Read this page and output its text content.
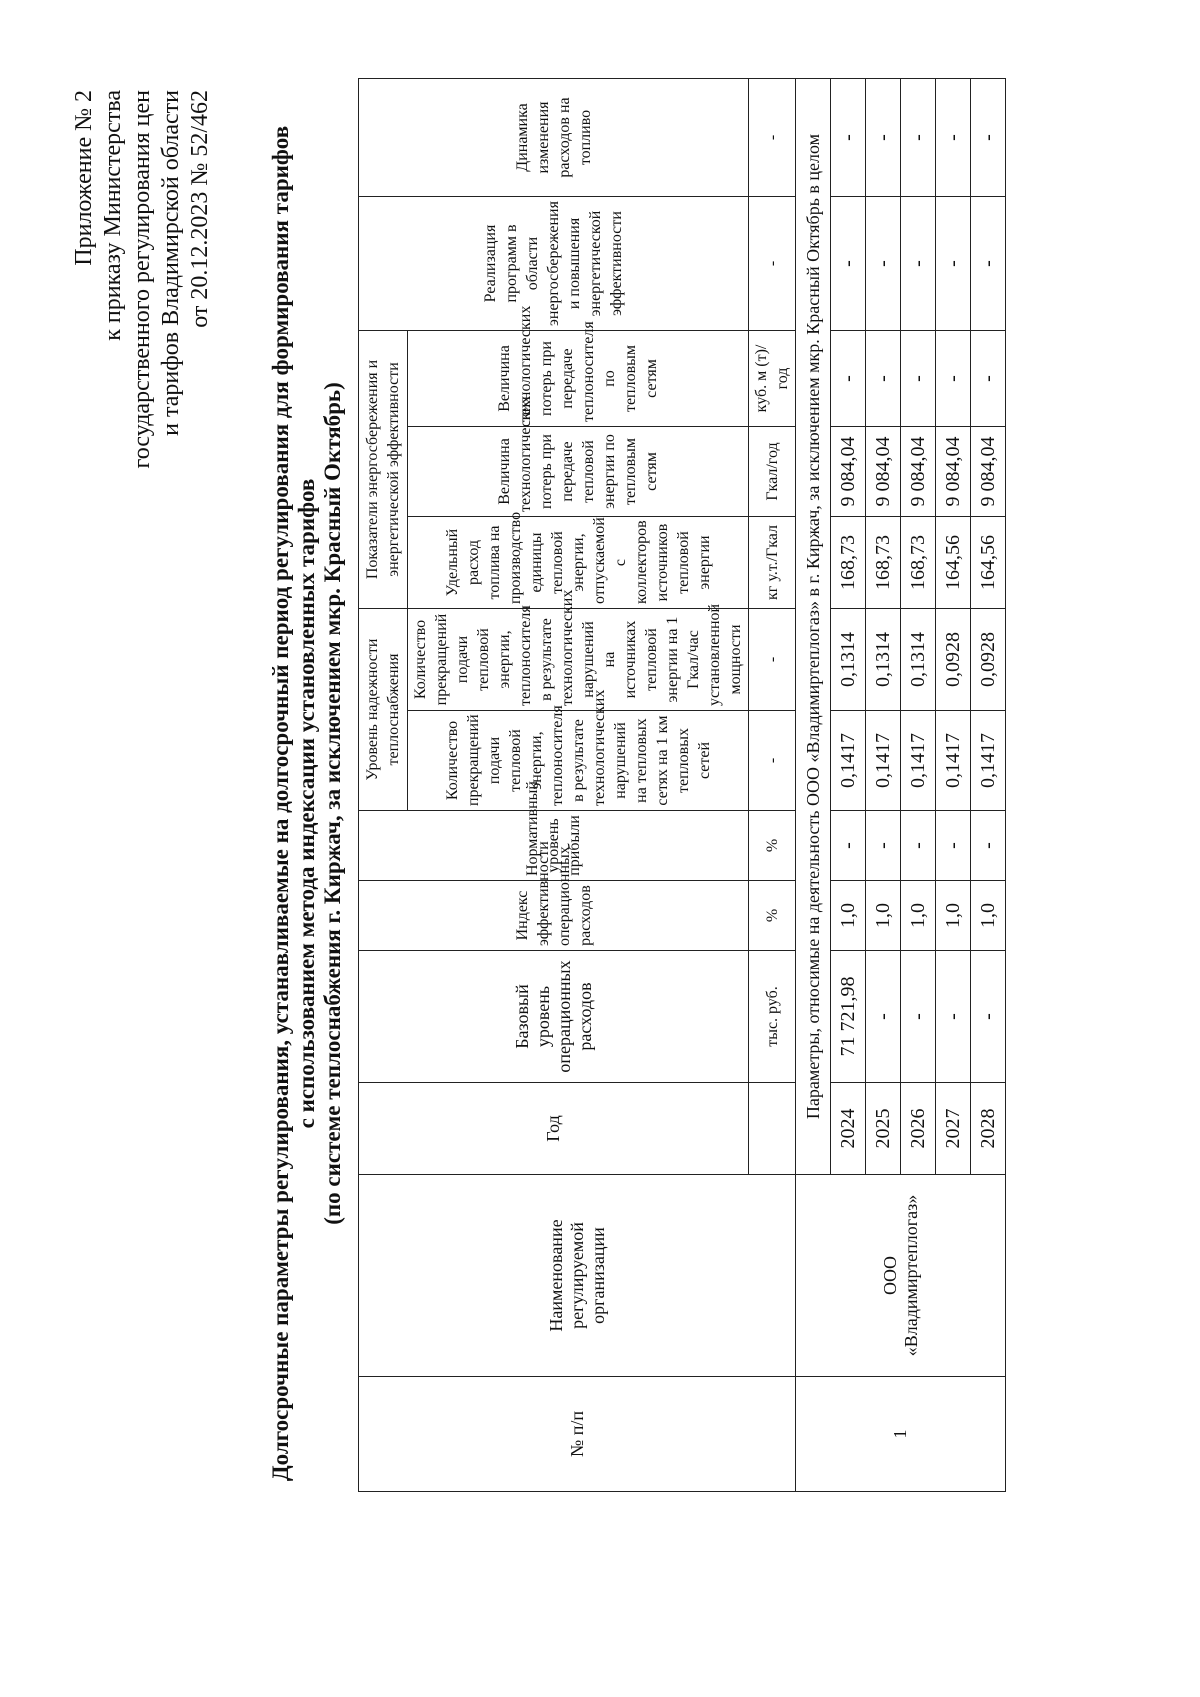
Приложение № 2 к приказу Министерства государственного регулирования цен и тарифов Владимирской области от 20.12.2023 № 52/462 Долгосрочные параметры регулирования, устанавливаемые на долгосрочный период регулирования для формирования тарифов с использованием метода индексации установленных тарифов (по системе теплоснабжения г. Киржач, за исключением мкр. Красный Октябрь)
№ п/п	Наименование регулируемой организации	Год	Базовый уровень операционных расходов	Индекс эффективности операционных расходов	Нормативный уровень прибыли	Уровень надежности теплоснабжения		Показатели энергосбережения и энергетической эффективности			Реализация программ в области энергосбережения и повышения энергетической эффективности	Динамика изменения расходов на топливо
						Количество прекращений подачи тепловой энергии, теплоносителя в результате технологических нарушений на тепловых сетях на 1 км тепловых сетей	Количество прекращений подачи тепловой энергии, теплоносителя в результате технологических нарушений на источниках тепловой энергии на 1 Гкал/час установленной мощности	Удельный расход топлива на производство единицы тепловой энергии, отпускаемой с коллекторов источников тепловой энергии	Величина технологических потерь при передаче тепловой энергии по тепловым сетям	Величина технологических потерь при передаче теплоносителя по тепловым сетям		
			тыс. руб.	%	%	-	-	кг у.т./Гкал	Гкал/год	куб. м (т)/ год	-	-
1	ООО «Владимиртеплогаз»	Параметры, относимые на деятельность ООО «Владимиртеплогаз» в г. Киржач, за исключением мкр. Красный Октябрь в целом										
		2024	71 721,98	1,0	-	0,1417	0,1314	168,73	9 084,04	-	-	-
		2025	-	1,0	-	0,1417	0,1314	168,73	9 084,04	-	-	-
		2026	-	1,0	-	0,1417	0,1314	168,73	9 084,04	-	-	-
		2027	-	1,0	-	0,1417	0,0928	164,56	9 084,04	-	-	-
		2028	-	1,0	-	0,1417	0,0928	164,56	9 084,04	-	-	-
